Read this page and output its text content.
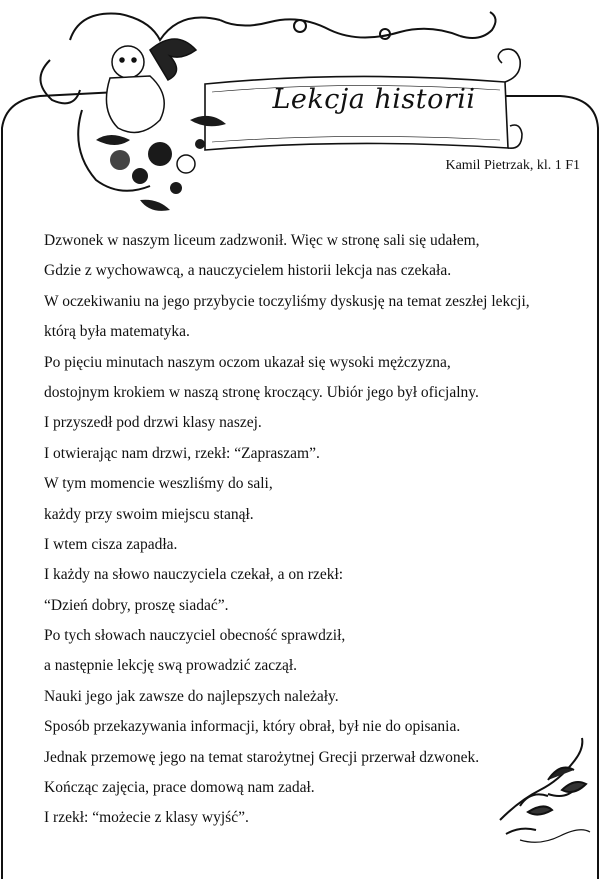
Lekcja historii
Kamil Pietrzak, kl. 1 F1
Dzwonek w naszym liceum zadzwonił. Więc w stronę sali się udałem,
Gdzie z wychowawcą, a nauczycielem historii lekcja nas czekała.
W oczekiwaniu na jego przybycie toczyliśmy dyskusję na temat zeszłej lekcji,
którą była matematyka.
Po pięciu minutach naszym oczom ukazał się wysoki mężczyzna,
dostojnym krokiem w naszą stronę kroczący. Ubiór jego był oficjalny.
I przyszedł pod drzwi klasy naszej.
I otwierając nam drzwi, rzekł: “Zapraszam”.
W tym momencie weszliśmy do sali,
każdy przy swoim miejscu stanął.
I wtem cisza zapadła.
I każdy na słowo nauczyciela czekał, a on rzekł:
“Dzień dobry, proszę siadać”.
Po tych słowach nauczyciel obecność sprawdził,
a następnie lekcję swą prowadzić zaczął.
Nauki jego jak zawsze do najlepszych należały.
Sposób przekazywania informacji, który obrał, był nie do opisania.
Jednak przemowę jego na temat starożytnej Grecji przerwał dzwonek.
Kończąc zajęcia, prace domową nam zadał.
I rzekł: “możecie z klasy wyjść”.
